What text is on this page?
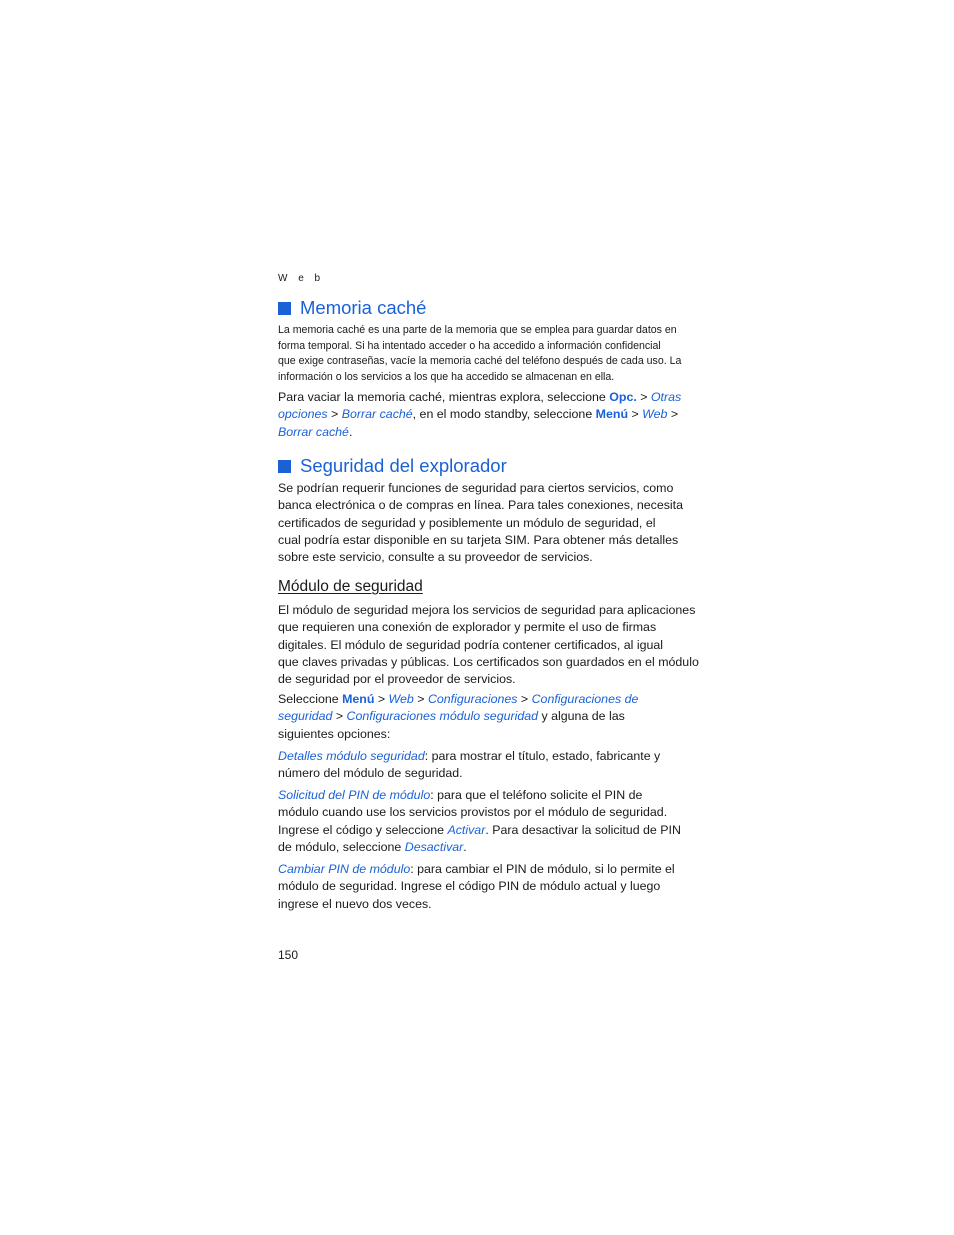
W e b
Memoria caché
La memoria caché es una parte de la memoria que se emplea para guardar datos en
forma temporal. Si ha intentado acceder o ha accedido a información confidencial
que exige contraseñas, vacíe la memoria caché del teléfono después de cada uso. La
información o los servicios a los que ha accedido se almacenan en ella.
Para vaciar la memoria caché, mientras explora, seleccione Opc. > Otras
opciones > Borrar caché, en el modo standby, seleccione Menú > Web >
Borrar caché.
Seguridad del explorador
Se podrían requerir funciones de seguridad para ciertos servicios, como
banca electrónica o de compras en línea. Para tales conexiones, necesita
certificados de seguridad y posiblemente un módulo de seguridad, el
cual podría estar disponible en su tarjeta SIM. Para obtener más detalles
sobre este servicio, consulte a su proveedor de servicios.
Módulo de seguridad
El módulo de seguridad mejora los servicios de seguridad para aplicaciones
que requieren una conexión de explorador y permite el uso de firmas
digitales. El módulo de seguridad podría contener certificados, al igual
que claves privadas y públicas. Los certificados son guardados en el módulo
de seguridad por el proveedor de servicios.
Seleccione Menú > Web > Configuraciones > Configuraciones de
seguridad > Configuraciones módulo seguridad y alguna de las
siguientes opciones:
Detalles módulo seguridad: para mostrar el título, estado, fabricante y
número del módulo de seguridad.
Solicitud del PIN de módulo: para que el teléfono solicite el PIN de
módulo cuando use los servicios provistos por el módulo de seguridad.
Ingrese el código y seleccione Activar. Para desactivar la solicitud de PIN
de módulo, seleccione Desactivar.
Cambiar PIN de módulo: para cambiar el PIN de módulo, si lo permite el
módulo de seguridad. Ingrese el código PIN de módulo actual y luego
ingrese el nuevo dos veces.
150
